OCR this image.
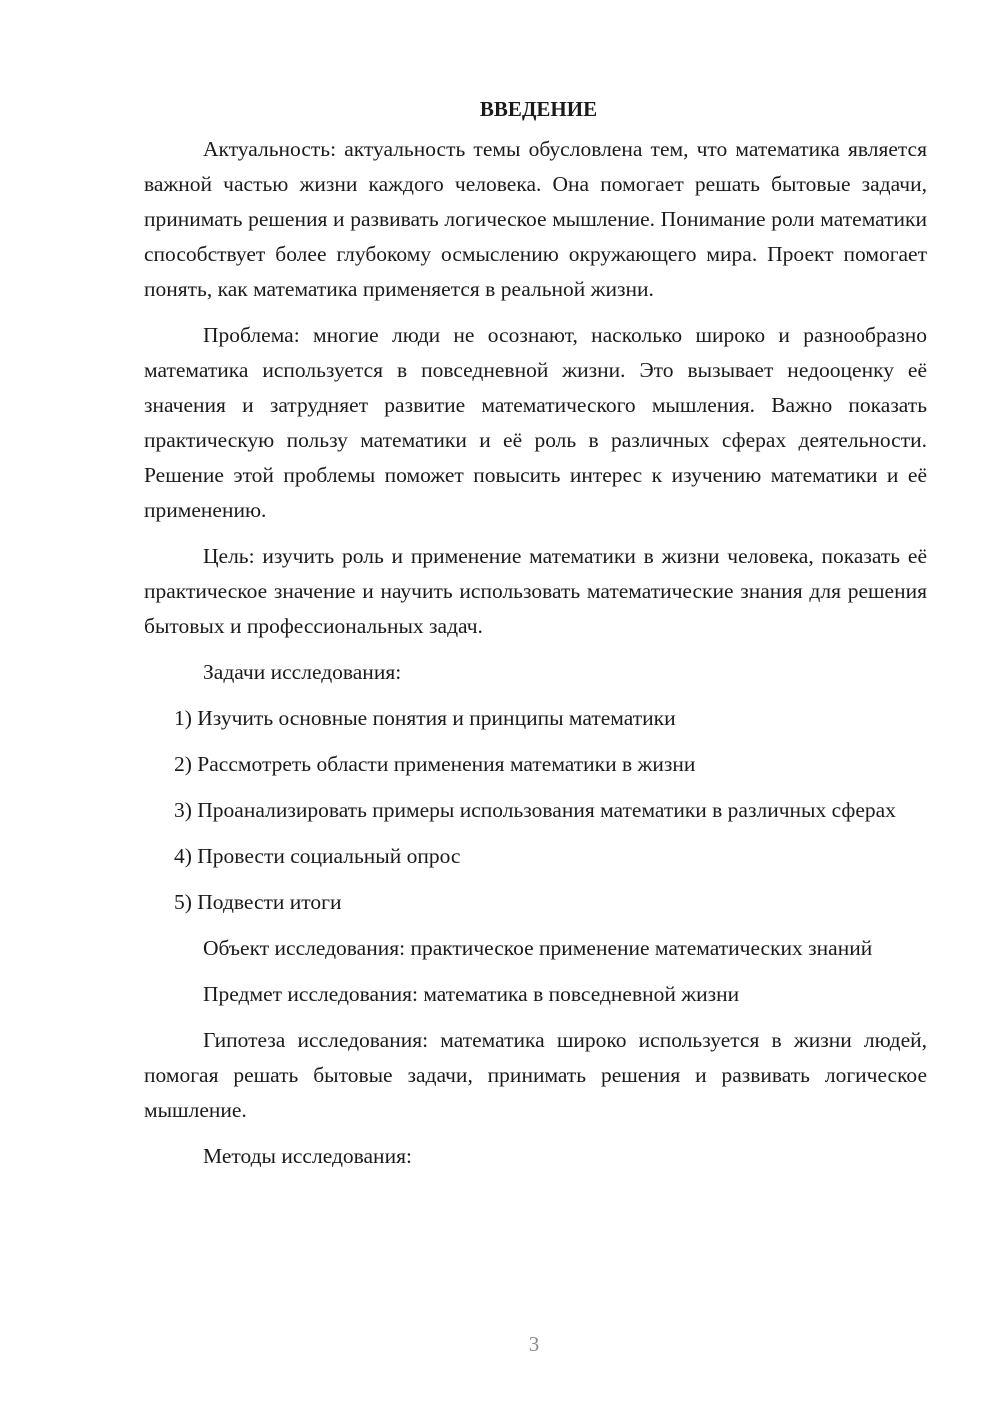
ВВЕДЕНИЕ

Актуальность: актуальность темы обусловлена тем, что математика является важной частью жизни каждого человека. Она помогает решать бытовые задачи, принимать решения и развивать логическое мышление. Понимание роли математики способствует более глубокому осмыслению окружающего мира. Проект помогает понять, как математика применяется в реальной жизни.

Проблема: многие люди не осознают, насколько широко и разнообразно математика используется в повседневной жизни. Это вызывает недооценку её значения и затрудняет развитие математического мышления. Важно показать практическую пользу математики и её роль в различных сферах деятельности. Решение этой проблемы поможет повысить интерес к изучению математики и её применению.

Цель: изучить роль и применение математики в жизни человека, показать её практическое значение и научить использовать математические знания для решения бытовых и профессиональных задач.

Задачи исследования:

1) Изучить основные понятия и принципы математики

2) Рассмотреть области применения математики в жизни

3) Проанализировать примеры использования математики в различных сферах

4) Провести социальный опрос

5) Подвести итоги

Объект исследования: практическое применение математических знаний

Предмет исследования: математика в повседневной жизни

Гипотеза исследования: математика широко используется в жизни людей, помогая решать бытовые задачи, принимать решения и развивать логическое мышление.

Методы исследования:

3
